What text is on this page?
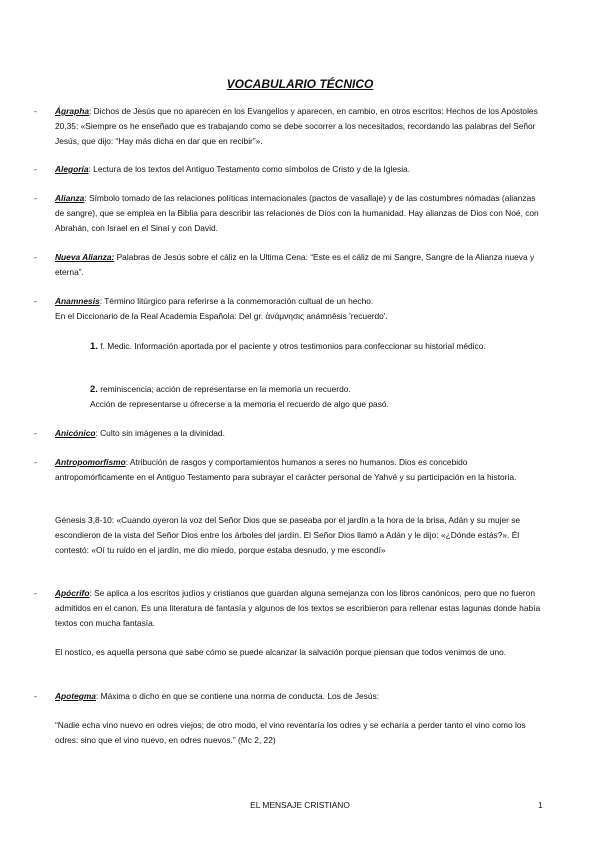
VOCABULARIO TÉCNICO
- Ágrapha: Dichos de Jesús que no aparecen en los Evangelios y aparecen, en cambio, en otros escritos: Hechos de los Apóstoles 20,35: «Siempre os he enseñado que es trabajando como se debe socorrer a los necesitados, recordando las palabras del Señor Jesús, que dijo: “Hay más dicha en dar que en recibir”».
- Alegoría: Lectura de los textos del Antiguo Testamento como símbolos de Cristo y de la Iglesia.
- Alianza: Símbolo tomado de las relaciones políticas internacionales (pactos de vasallaje) y de las costumbres nómadas (alianzas de sangre), que se emplea en la Biblia para describir las relaciones de Dios con la humanidad. Hay alianzas de Dios con Noé, con Abrahán, con Israel en el Sinaí y con David.
- Nueva Alianza: Palabras de Jesús sobre el cáliz en la Ultima Cena: “Este es el cáliz de mi Sangre, Sangre de la Alianza nueva y eterna”.
- Anamnesis: Término litúrgico para referirse a la conmemoración cultual de un hecho.
En el Diccionario de la Real Academia Española: Del gr. ἀνάμνησις anámnēsis 'recuerdo'.
1. f. Medic. Información aportada por el paciente y otros testimonios para confeccionar su historial médico.
2. reminiscencia; acción de representarse en la memoria un recuerdo.
Acción de representarse u ofrecerse a la memoria el recuerdo de algo que pasó.
- Anicónico: Culto sin imágenes a la divinidad.
- Antropomorfismo: Atribución de rasgos y comportamientos humanos a seres no humanos. Dios es concebido antropomórficamente en el Antiguo Testamento para subrayar el carácter personal de Yahvé y su participación en la historia.
Génesis 3,8-10: «Cuando oyeron la voz del Señor Dios que se paseaba por el jardín a la hora de la brisa, Adán y su mujer se escondieron de la vista del Señor Dios entre los árboles del jardín. El Señor Dios llamó a Adán y le dijo: «¿Dónde estás?». Él contestó: «Oí tu ruido en el jardín, me dio miedo, porque estaba desnudo, y me escondí»
- Apócrifo: Se aplica a los escritos judíos y cristianos que guardan alguna semejanza con los libros canónicos, pero que no fueron admitidos en el canon. Es una literatura de fantasía y algunos de los textos se escribieron para rellenar estas lagunas donde había textos con mucha fantasía.
El nostico, es aquella persona que sabe cómo se puede alcanzar la salvación porque piensan que todos venimos de uno.
- Apotegma: Máxima o dicho en que se contiene una norma de conducta. Los de Jesús:
“Nadie echa vino nuevo en odres viejos; de otro modo, el vino reventaría los odres y se echaría a perder tanto el vino como los odres: sino que el vino nuevo, en odres nuevos.” (Mc 2, 22)
EL MENSAJE CRISTIANO	1
